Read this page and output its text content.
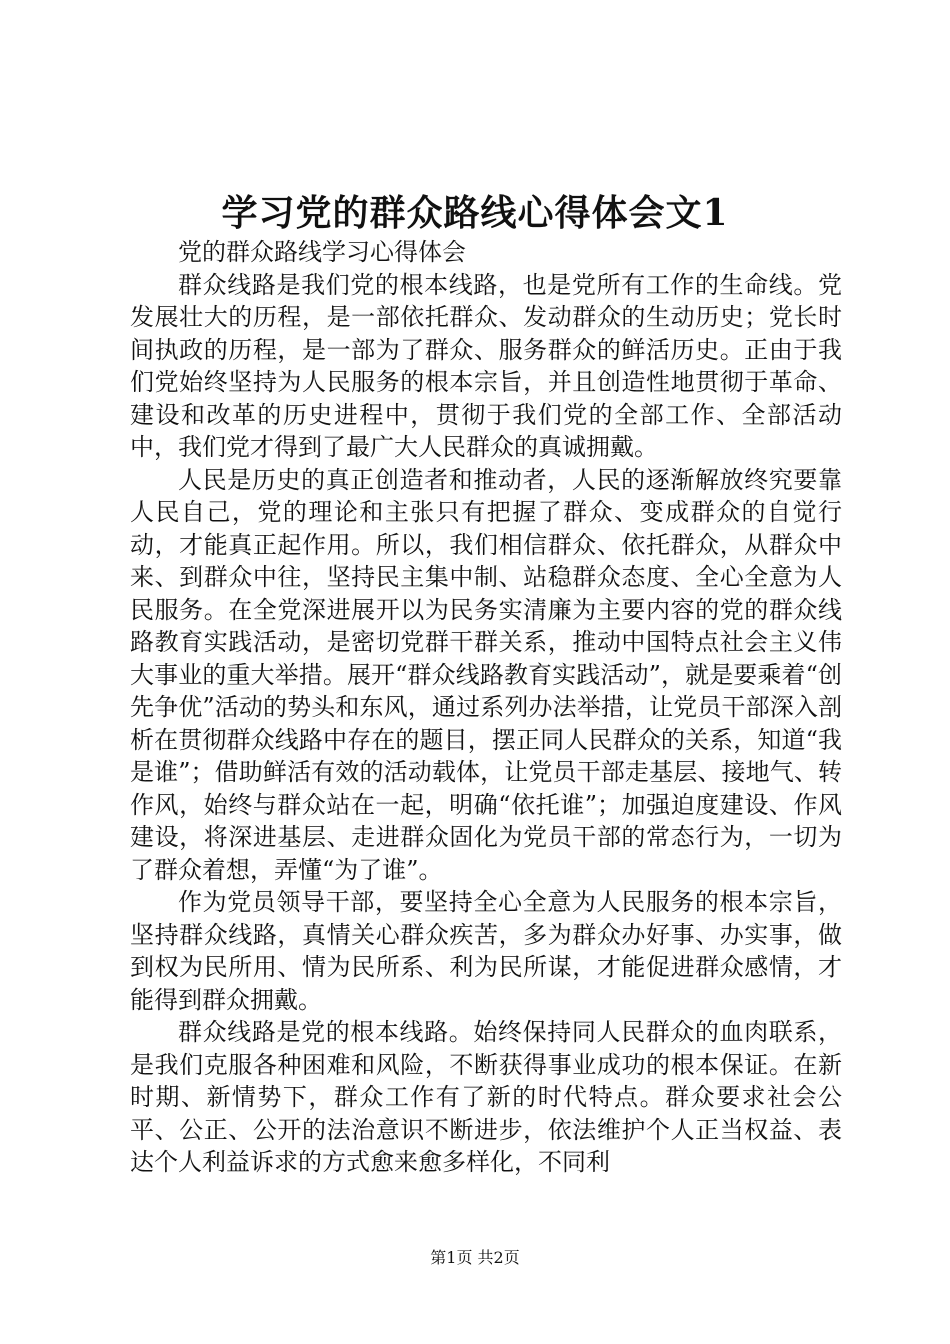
学习党的群众路线心得体会文1
党的群众路线学习心得体会

群众线路是我们党的根本线路，也是党所有工作的生命线。党发展壮大的历程，是一部依托群众、发动群众的生动历史；党长时间执政的历程，是一部为了群众、服务群众的鲜活历史。正由于我们党始终坚持为人民服务的根本宗旨，并且创造性地贯彻于革命、建设和改革的历史进程中，贯彻于我们党的全部工作、全部活动中，我们党才得到了最广大人民群众的真诚拥戴。

人民是历史的真正创造者和推动者，人民的逐渐解放终究要靠人民自己，党的理论和主张只有把握了群众、变成群众的自觉行动，才能真正起作用。所以，我们相信群众、依托群众，从群众中来、到群众中往，坚持民主集中制、站稳群众态度、全心全意为人民服务。在全党深进展开以为民务实清廉为主要内容的党的群众线路教育实践活动，是密切党群干群关系，推动中国特点社会主义伟大事业的重大举措。展开“群众线路教育实践活动”，就是要乘着“创先争优”活动的势头和东风，通过系列办法举措，让党员干部深入剖析在贯彻群众线路中存在的题目，摆正同人民群众的关系，知道“我是谁”；借助鲜活有效的活动载体，让党员干部走基层、接地气、转作风，始终与群众站在一起，明确“依托谁”；加强迫度建设、作风建设，将深进基层、走进群众固化为党员干部的常态行为，一切为了群众着想，弄懂“为了谁”。

作为党员领导干部，要坚持全心全意为人民服务的根本宗旨，坚持群众线路，真情关心群众疾苦，多为群众办好事、办实事，做到权为民所用、情为民所系、利为民所谋，才能促进群众感情，才能得到群众拥戴。

群众线路是党的根本线路。始终保持同人民群众的血肉联系，是我们克服各种困难和风险，不断获得事业成功的根本保证。在新时期、新情势下，群众工作有了新的时代特点。群众要求社会公平、公正、公开的法治意识不断进步，依法维护个人正当权益、表达个人利益诉求的方式愈来愈多样化，不同利

第1页 共2页
